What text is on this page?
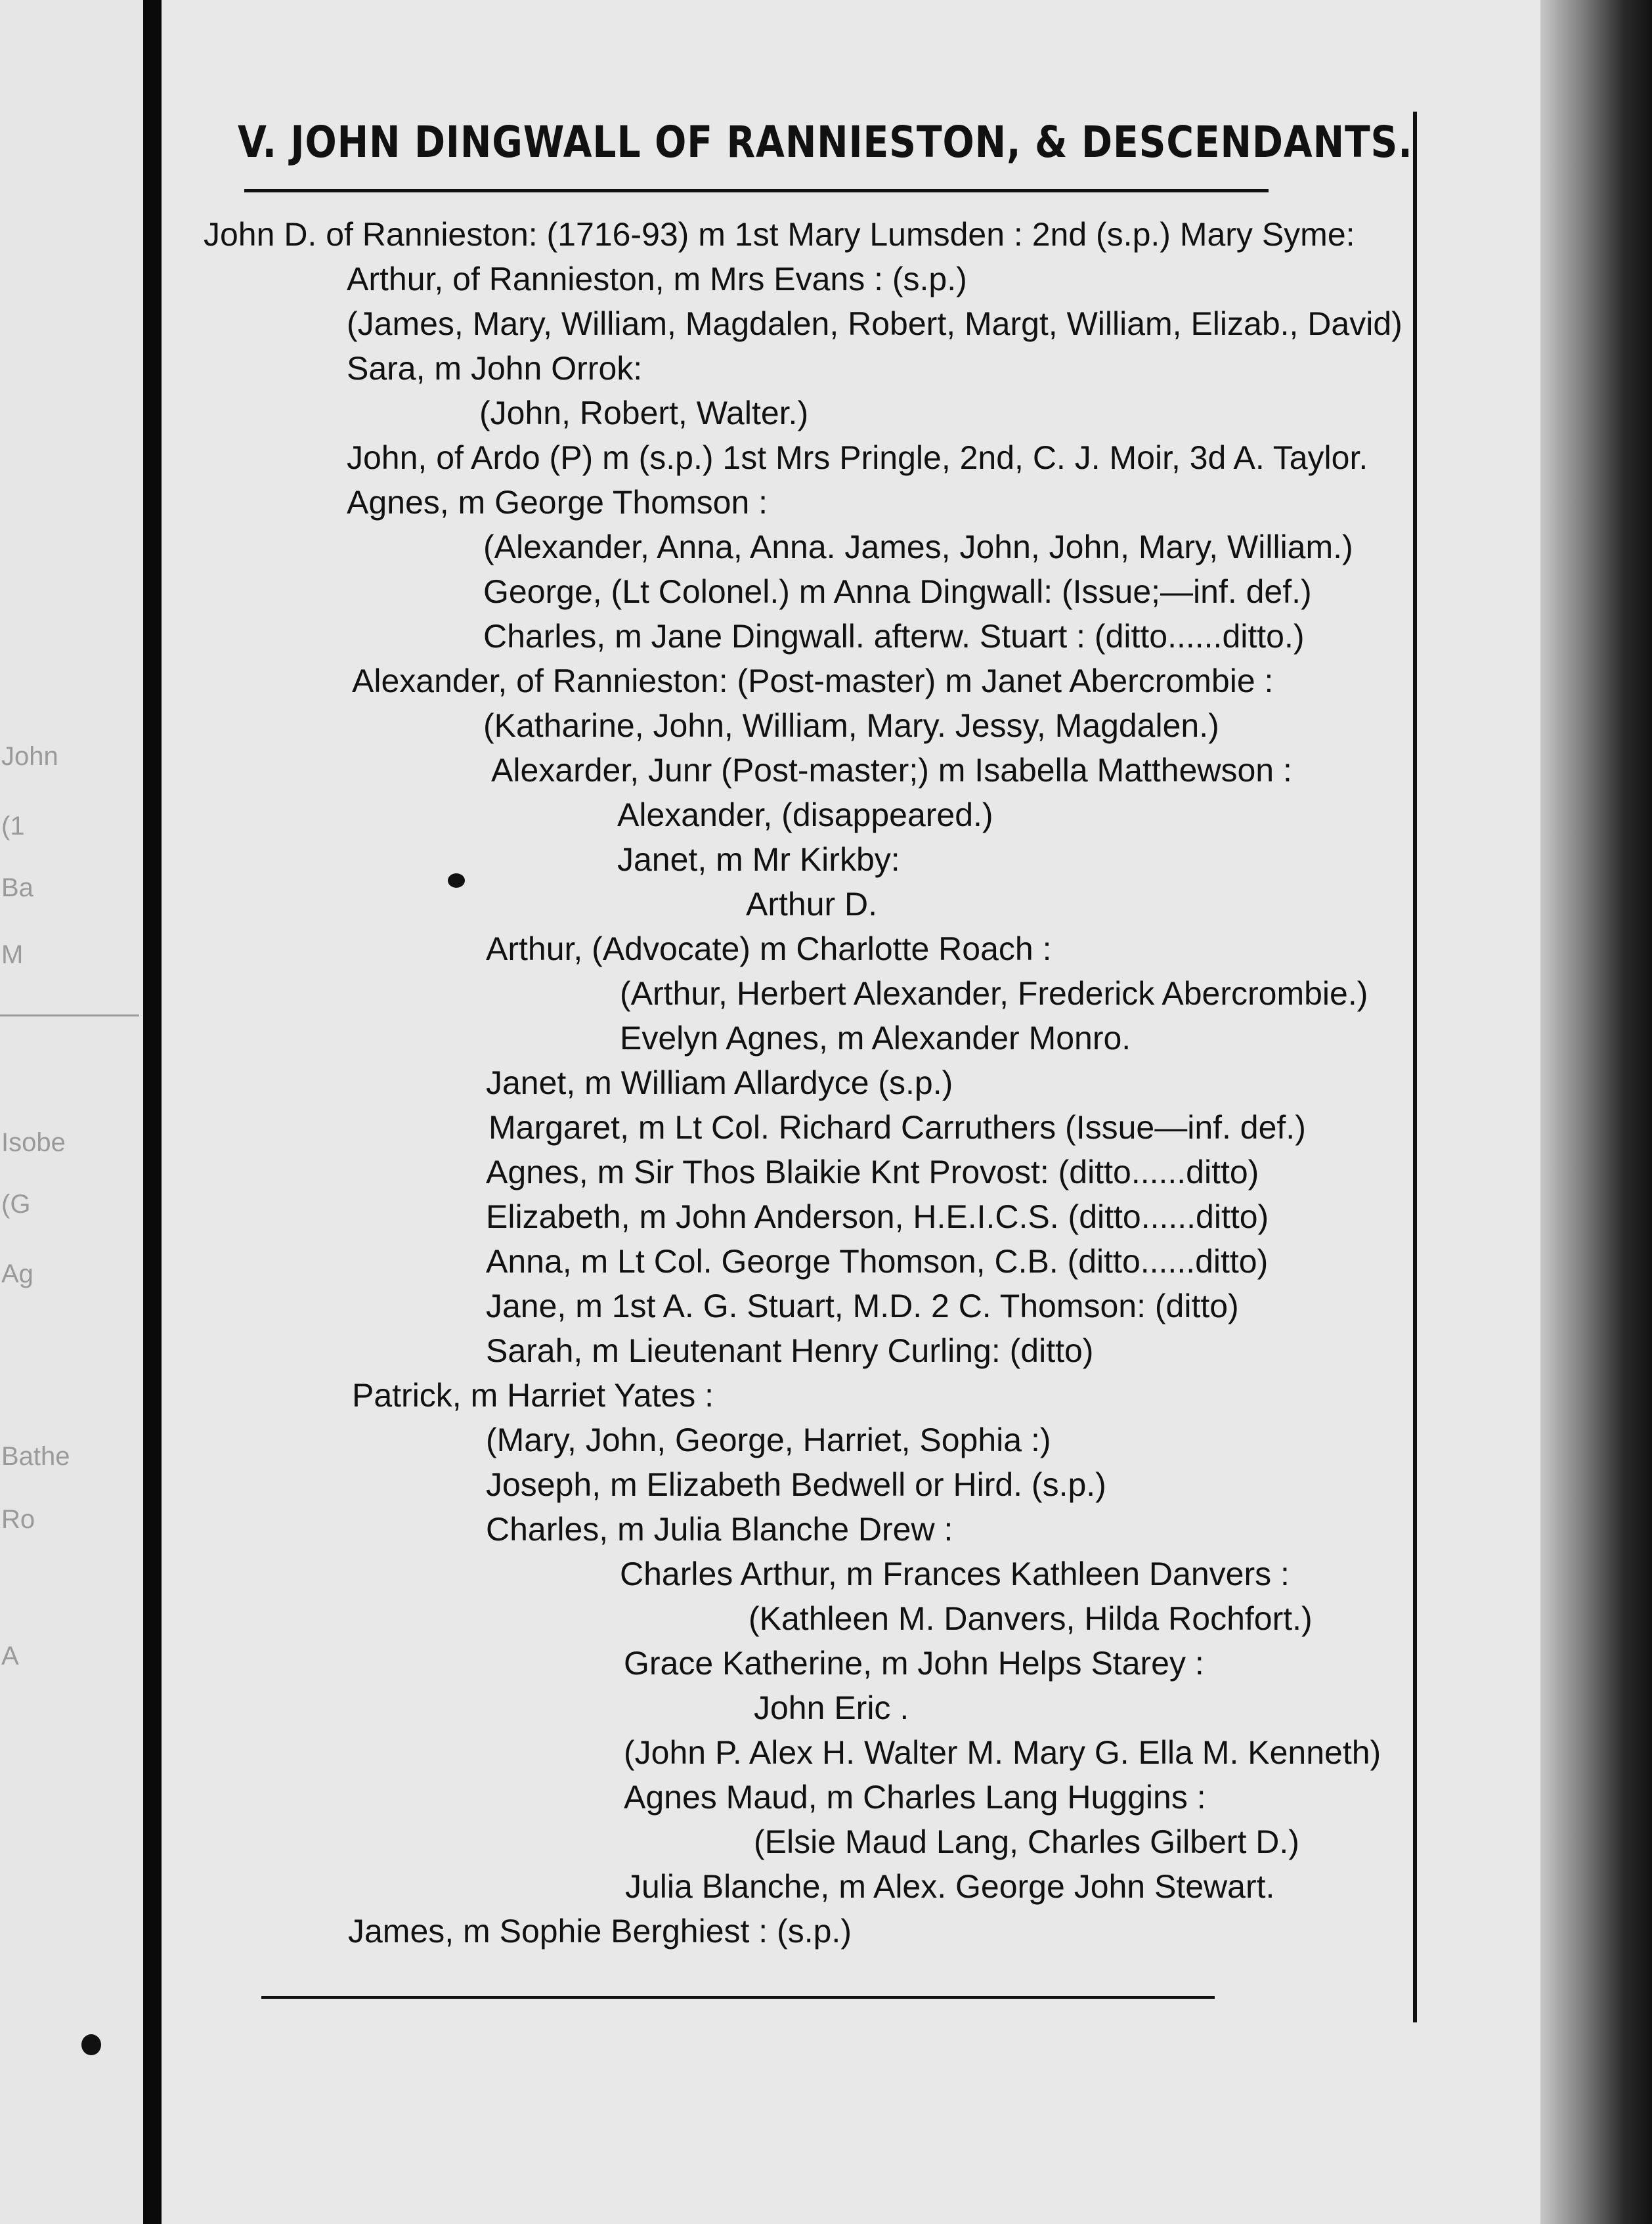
John
(1
Ba
M
Isobe
(G
Ag
Bathe
Ro
A
V. JOHN DINGWALL OF RANNIESTON, & DESCENDANTS.
John D. of Rannieston: (1716-93) m 1st Mary Lumsden : 2nd (s.p.) Mary Syme:
Arthur, of Rannieston, m Mrs Evans : (s.p.)
(James, Mary, William, Magdalen, Robert, Margt, William, Elizab., David)
Sara, m John Orrok:
(John, Robert, Walter.)
John, of Ardo (P) m (s.p.) 1st Mrs Pringle, 2nd, C. J. Moir, 3d A. Taylor.
Agnes, m George Thomson :
(Alexander, Anna, Anna. James, John, John, Mary, William.)
George, (Lt Colonel.) m Anna Dingwall: (Issue;—inf. def.)
Charles, m Jane Dingwall. afterw. Stuart : (ditto......ditto.)
Alexander, of Rannieston: (Post-master) m Janet Abercrombie :
(Katharine, John, William, Mary. Jessy, Magdalen.)
Alexarder, Junr (Post-master;) m Isabella Matthewson :
Alexander, (disappeared.)
Janet, m Mr Kirkby:
Arthur D.
Arthur, (Advocate) m Charlotte Roach :
(Arthur, Herbert Alexander, Frederick Abercrombie.)
Evelyn Agnes, m Alexander Monro.
Janet, m William Allardyce (s.p.)
Margaret, m Lt Col. Richard Carruthers (Issue—inf. def.)
Agnes, m Sir Thos Blaikie Knt Provost: (ditto......ditto)
Elizabeth, m John Anderson, H.E.I.C.S. (ditto......ditto)
Anna, m Lt Col. George Thomson, C.B. (ditto......ditto)
Jane, m 1st A. G. Stuart, M.D. 2 C. Thomson: (ditto)
Sarah, m Lieutenant Henry Curling: (ditto)
Patrick, m Harriet Yates :
(Mary, John, George, Harriet, Sophia :)
Joseph, m Elizabeth Bedwell or Hird. (s.p.)
Charles, m Julia Blanche Drew :
Charles Arthur, m Frances Kathleen Danvers :
(Kathleen M. Danvers, Hilda Rochfort.)
Grace Katherine, m John Helps Starey :
John Eric .
(John P. Alex H. Walter M. Mary G. Ella M. Kenneth)
Agnes Maud, m Charles Lang Huggins :
(Elsie Maud Lang, Charles Gilbert D.)
Julia Blanche, m Alex. George John Stewart.
James, m Sophie Berghiest : (s.p.)
